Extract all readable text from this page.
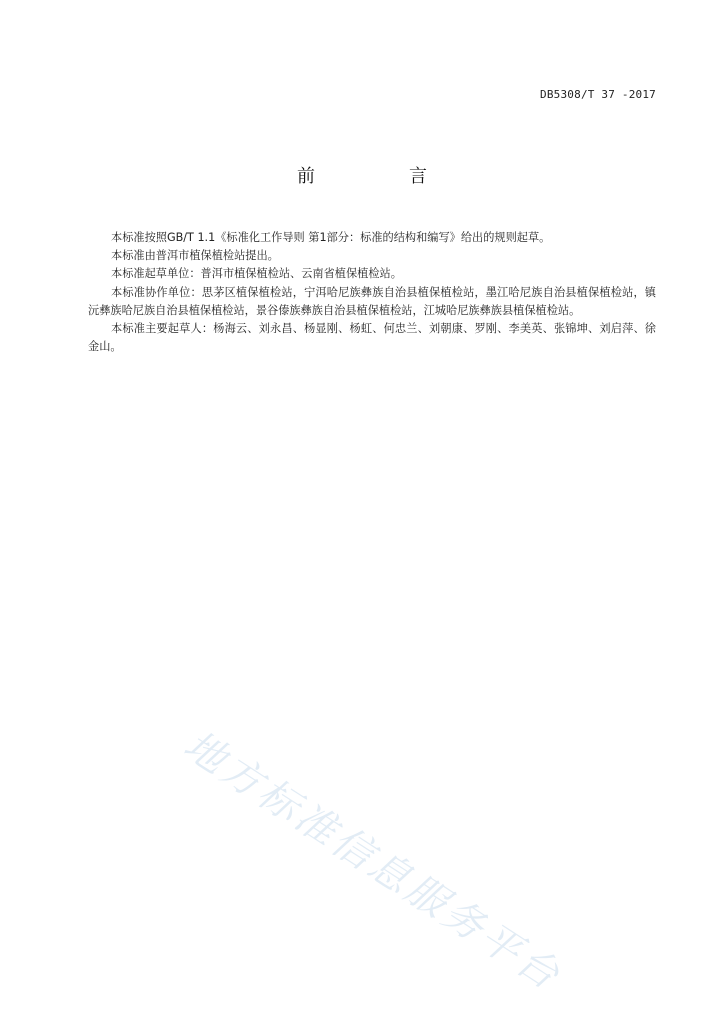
DB5308/T 37 -2017
前　言

本标准按照GB/T 1.1《标准化工作导则 第1部分：标准的结构和编写》给出的规则起草。

本标准由普洱市植保植检站提出。

本标准起草单位：普洱市植保植检站、云南省植保植检站。

本标准协作单位：思茅区植保植检站，宁洱哈尼族彝族自治县植保植检站，墨江哈尼族自治县植保植检站，镇沅彝族哈尼族自治县植保植检站，景谷傣族彝族自治县植保植检站，江城哈尼族彝族县植保植检站。

本标准主要起草人：杨海云、刘永昌、杨显刚、杨虹、何忠兰、刘朝康、罗刚、李美英、张锦坤、刘启萍、徐金山。

地方标准信息服务平台
